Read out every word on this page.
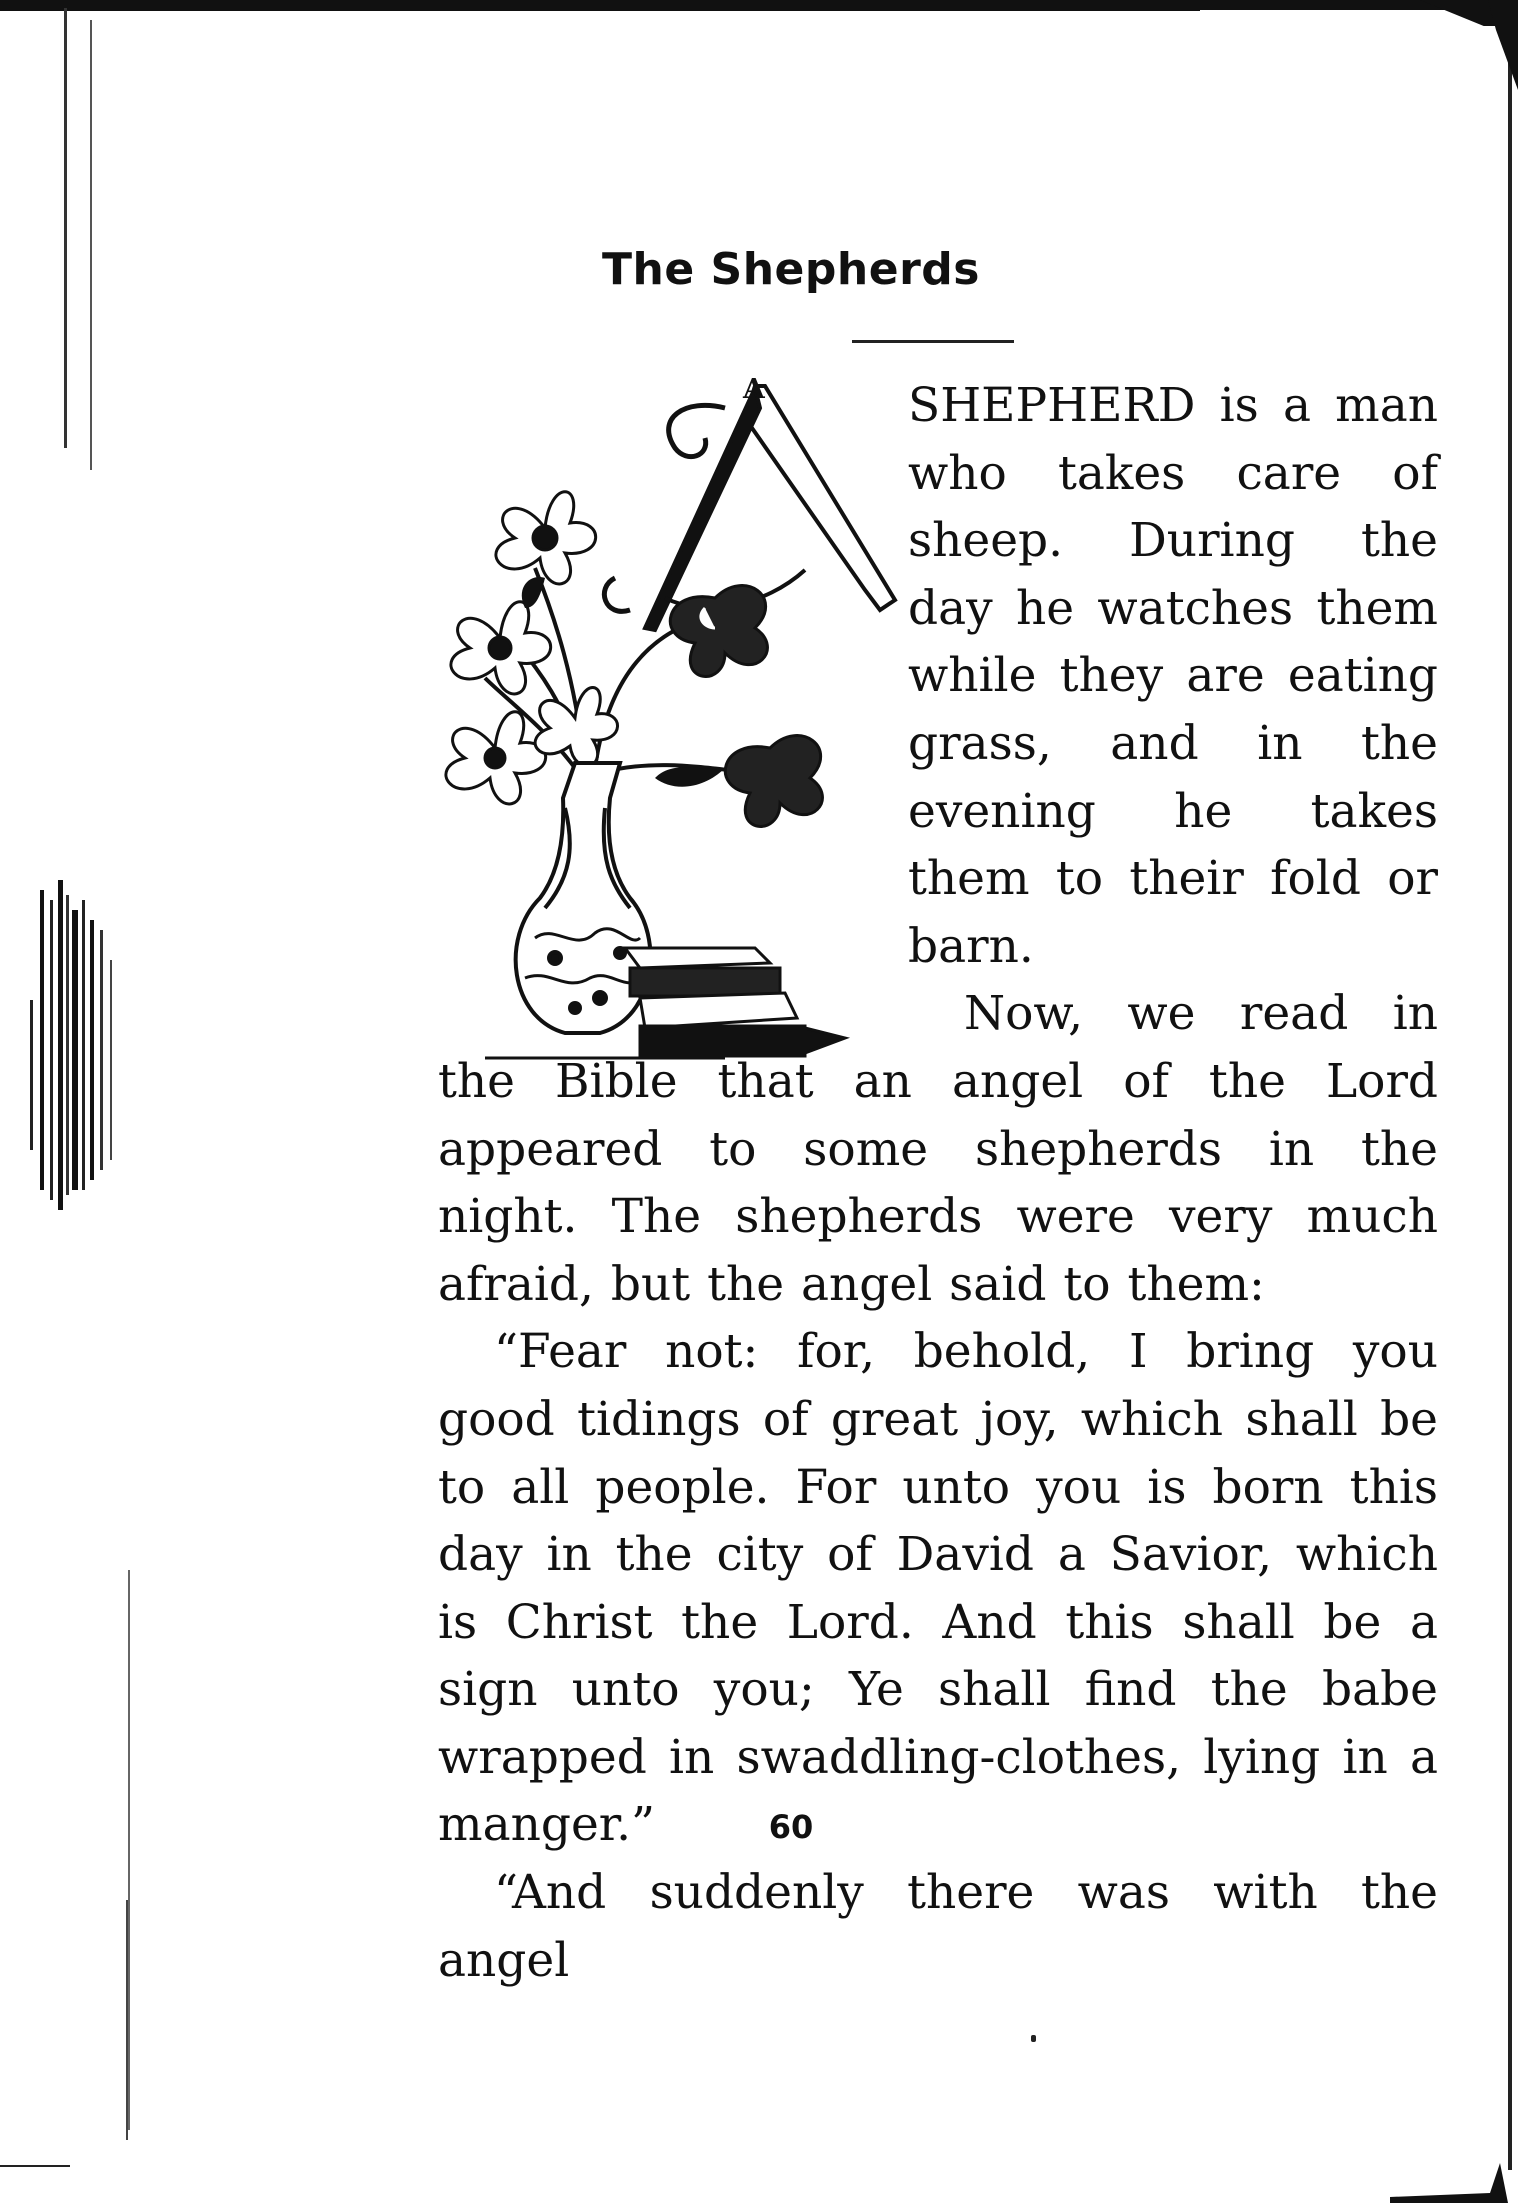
The Shepherds
A	SHEPHERD is a man who takes care of sheep. During the day he watches them while they are eating grass, and in the evening he takes them to their fold or barn.

Now, we read in the Bible that an angel of the Lord appeared to some shepherds in the night. The shepherds were very much afraid, but the angel said to them:

“Fear not: for, behold, I bring you good tidings of great joy, which shall be to all people. For unto you is born this day in the city of David a Savior, which is Christ the Lord. And this shall be a sign unto you; Ye shall find the babe wrapped in swaddling-clothes, lying in a manger.”

“And suddenly there was with the angel

60
